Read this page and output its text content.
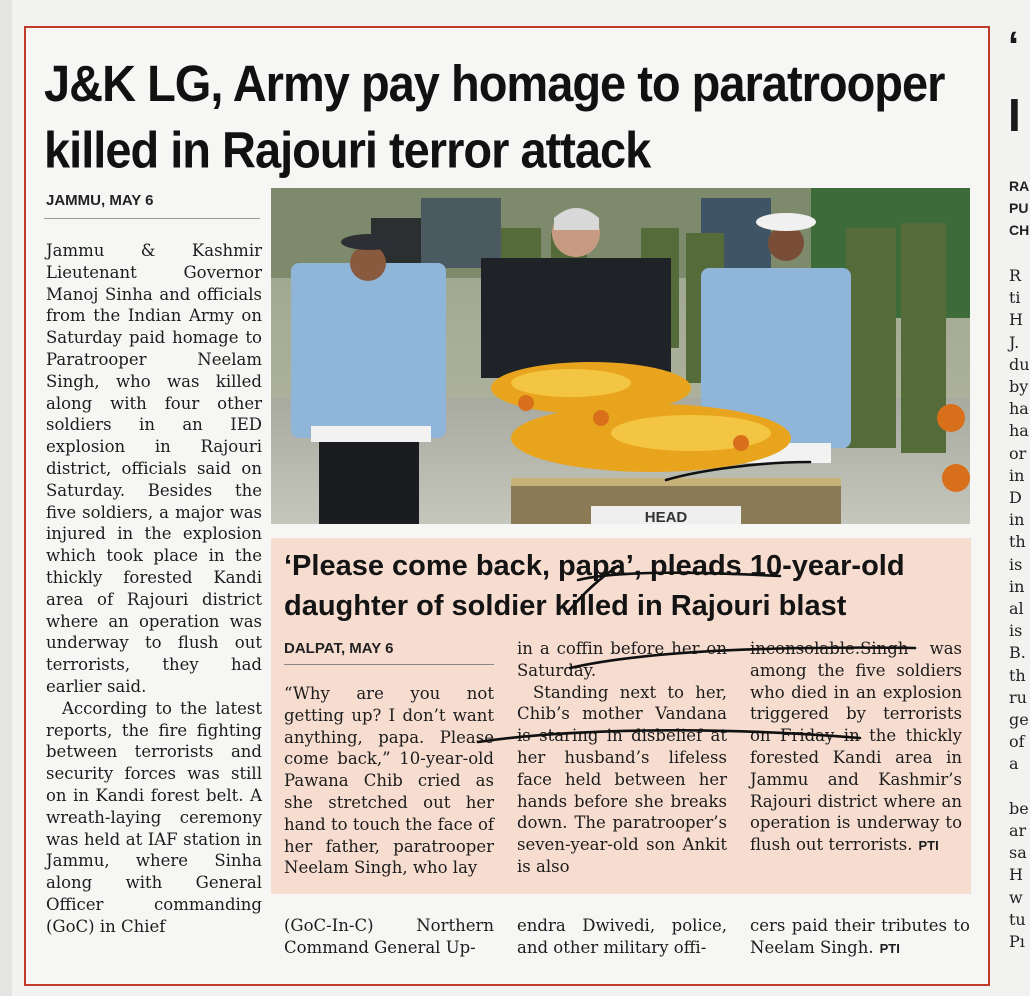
J&K LG, Army pay homage to paratrooper killed in Rajouri terror attack
JAMMU, MAY 6

Jammu & Kashmir Lieutenant Governor Manoj Sinha and officials from the Indian Army on Saturday paid homage to Paratrooper Neelam Singh, who was killed along with four other soldiers in an IED explosion in Rajouri district, officials said on Saturday. Besides the five soldiers, a major was injured in the explosion which took place in the thickly forested Kandi area of Rajouri district where an operation was underway to flush out terrorists, they had earlier said.

According to the latest reports, the fire fighting between terrorists and security forces was still on in Kandi forest belt. A wreath-laying ceremony was held at IAF station in Jammu, where Sinha along with General Officer commanding (GoC) in Chief

HEAD
‘Please come back, papa’, pleads 10-year-old daughter of soldier killed in Rajouri blast
DALPAT, MAY 6

“Why are you not getting up? I don’t want anything, papa. Please come back,” 10-year-old Pawana Chib cried as she stretched out her hand to touch the face of her father, paratrooper Neelam Singh, who lay

in a coffin before her on Saturday.

Standing next to her, Chib’s mother Vandana is staring in disbelief at her husband’s lifeless face held between her hands before she breaks down. The paratrooper’s seven-year-old son Ankit is also

inconsolable.Singh was among the five soldiers who died in an explosion triggered by terrorists on Friday in the thickly forested Kandi area in Jammu and Kashmir’s Rajouri district where an operation is underway to flush out terrorists. PTI

(GoC-In-C) Northern Command General Up-

endra Dwivedi, police, and other military offi-

cers paid their tributes to Neelam Singh. PTI

‘
I
RA
PU
CH
R
ti
H
J.
du
by
ha
ha
or
in
D
in
th
is
in
al
is
B.
th
ru
ge
of
a
be
ar
sa
H
w
tu
Pı
